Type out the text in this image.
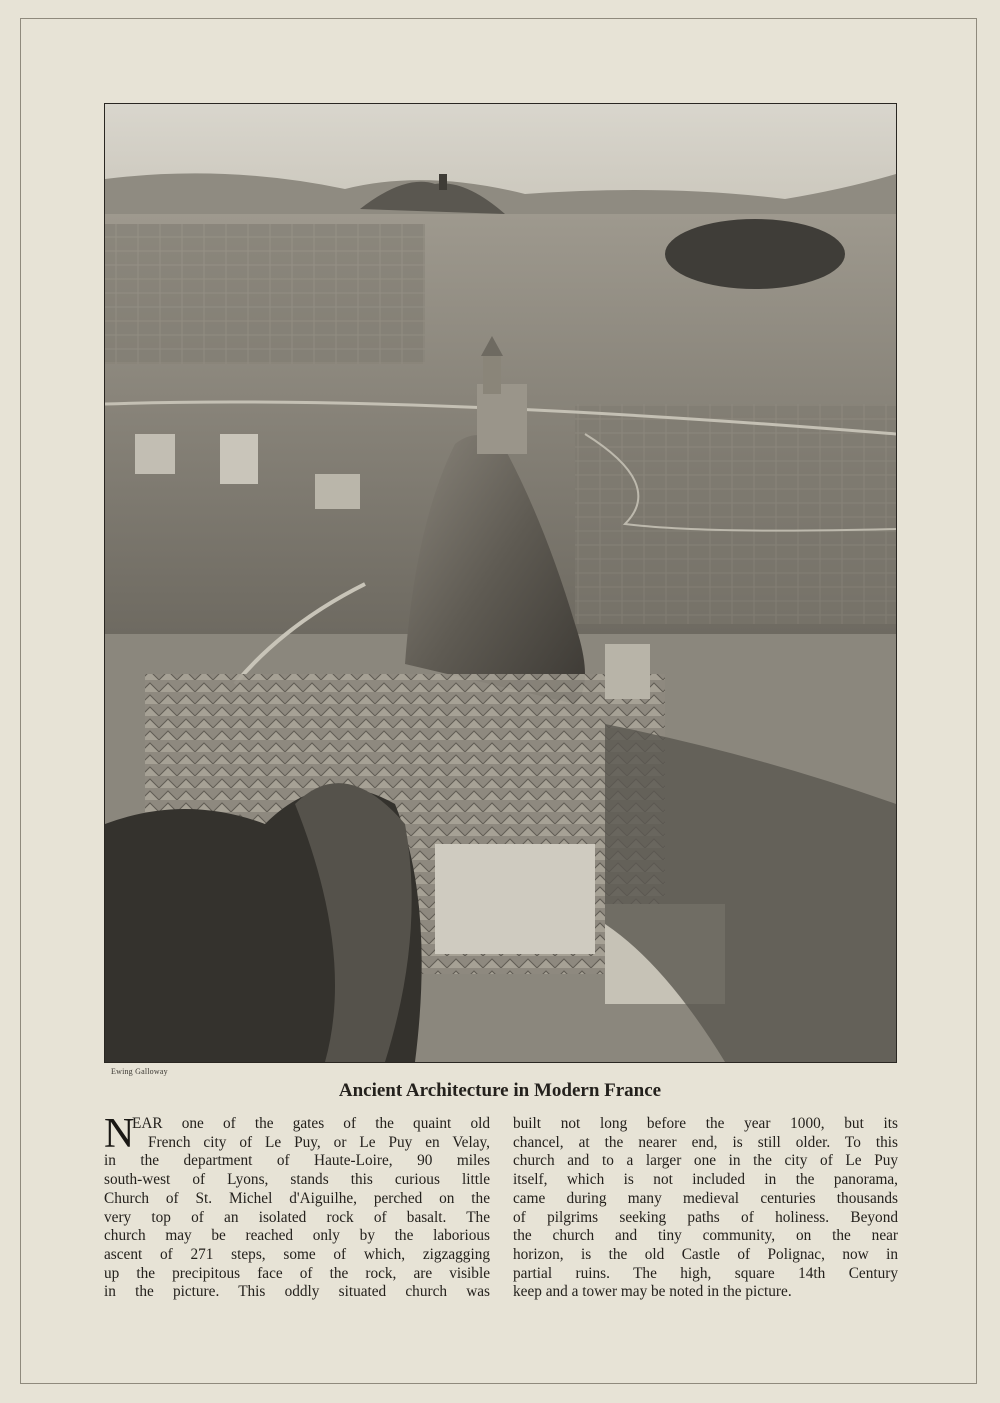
Ewing Galloway
Ancient Architecture in Modern France
N
EAR one of the gates of the quaint old
French city of Le Puy, or Le Puy en Velay,
in the department of Haute-Loire, 90 miles
south-west of Lyons, stands this curious little
Church of St. Michel d'Aiguilhe, perched on the
very top of an isolated rock of basalt. The
church may be reached only by the laborious
ascent of 271 steps, some of which, zigzagging
up the precipitous face of the rock, are visible
in the picture. This oddly situated church was
built not long before the year 1000, but its
chancel, at the nearer end, is still older. To this
church and to a larger one in the city of Le Puy
itself, which is not included in the panorama,
came during many medieval centuries thousands
of pilgrims seeking paths of holiness. Beyond
the church and tiny community, on the near
horizon, is the old Castle of Polignac, now in
partial ruins. The high, square 14th Century
keep and a tower may be noted in the picture.
